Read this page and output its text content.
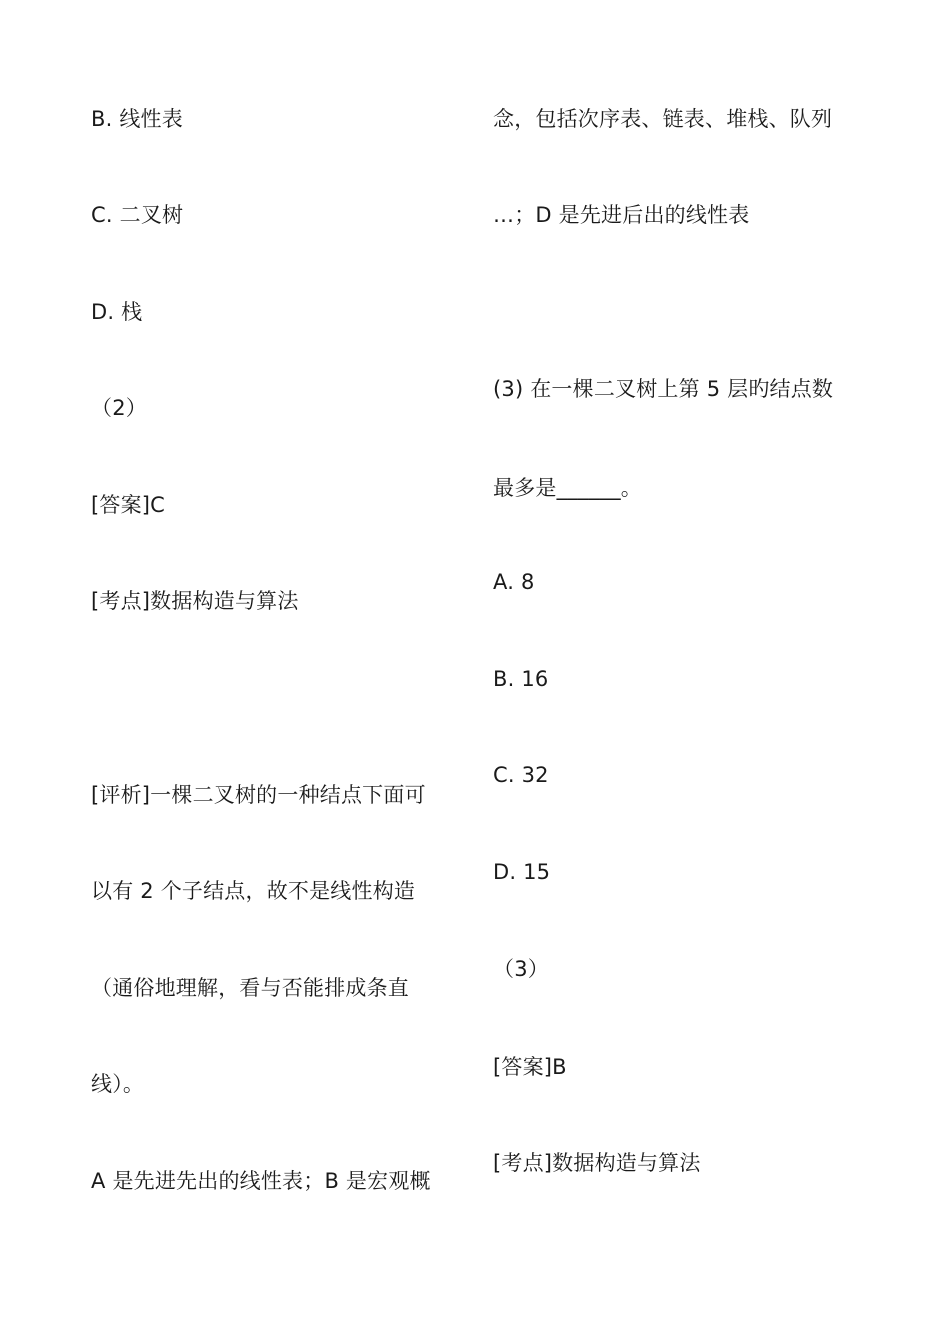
B. 线性表
C. 二叉树
D. 栈
（2）
[答案]C
[考点]数据构造与算法
[评析]一棵二叉树的一种结点下面可
以有 2 个子结点，故不是线性构造
（通俗地理解，看与否能排成条直
线）。
A 是先进先出的线性表；B 是宏观概
念，包括次序表、链表、堆栈、队列
…；D 是先进后出的线性表
(3) 在一棵二叉树上第 5 层旳结点数
最多是______。
A. 8
B. 16
C. 32
D. 15
（3）
[答案]B
[考点]数据构造与算法
